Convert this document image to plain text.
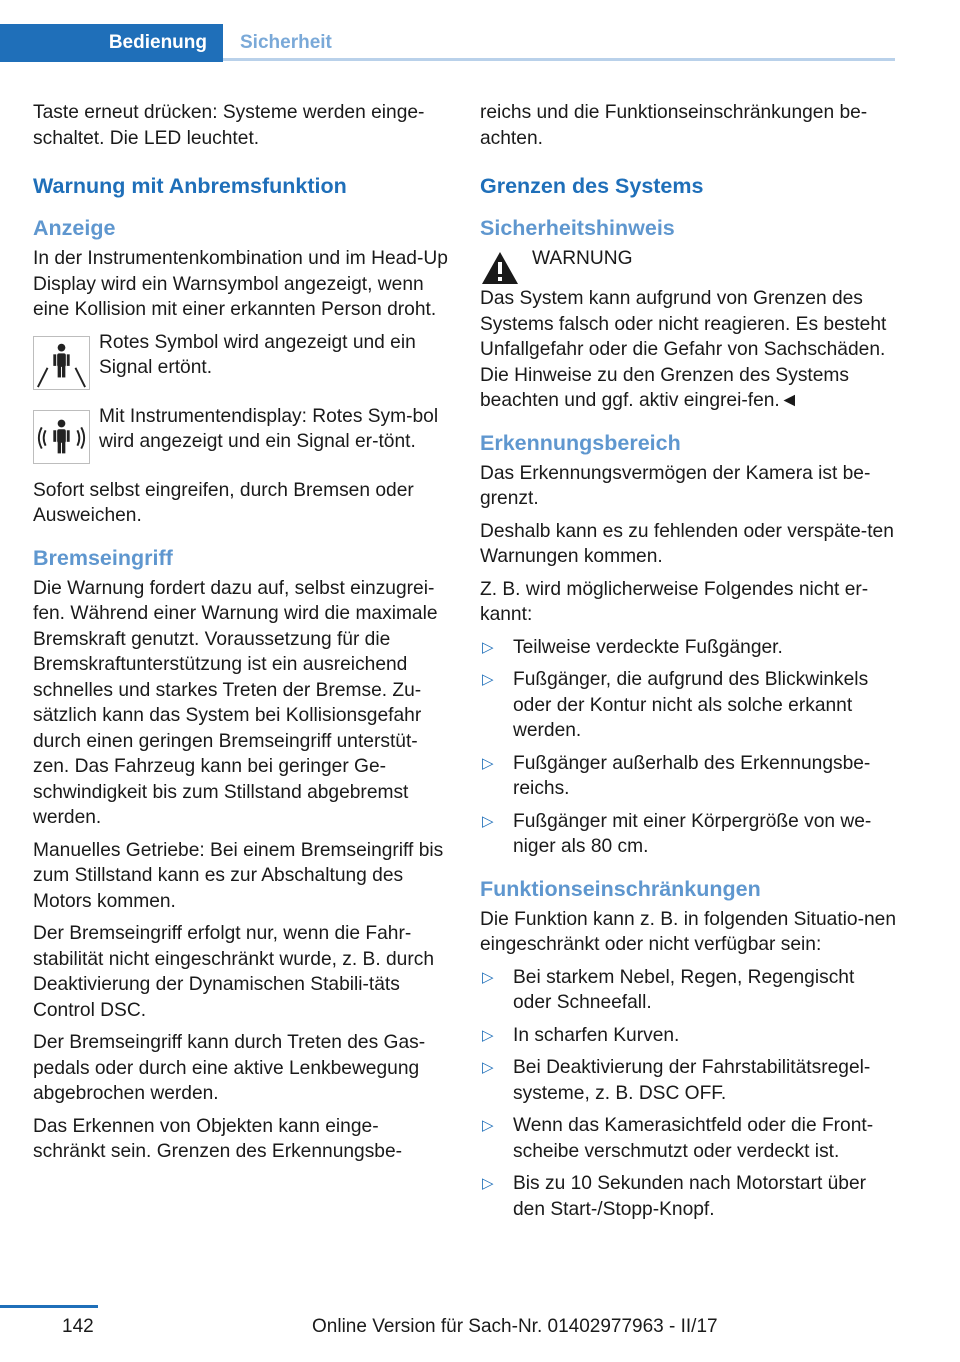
Bedienung	Sicherheit

Taste erneut drücken: Systeme werden einge‐schaltet. Die LED leuchtet.

Warnung mit Anbremsfunktion
Anzeige

In der Instrumentenkombination und im Head-Up Display wird ein Warnsymbol angezeigt, wenn eine Kollision mit einer erkannten Person droht.

Rotes Symbol wird angezeigt und ein Signal ertönt.
Mit Instrumentendisplay: Rotes Sym‐bol wird angezeigt und ein Signal er‐tönt.

Sofort selbst eingreifen, durch Bremsen oder Ausweichen.

Bremseingriff

Die Warnung fordert dazu auf, selbst einzugrei‐fen. Während einer Warnung wird die maximale Bremskraft genutzt. Voraussetzung für die Bremskraftunterstützung ist ein ausreichend schnelles und starkes Treten der Bremse. Zu‐sätzlich kann das System bei Kollisionsgefahr durch einen geringen Bremseingriff unterstüt‐zen. Das Fahrzeug kann bei geringer Ge‐schwindigkeit bis zum Stillstand abgebremst werden.

Manuelles Getriebe: Bei einem Bremseingriff bis zum Stillstand kann es zur Abschaltung des Motors kommen.

Der Bremseingriff erfolgt nur, wenn die Fahr‐stabilität nicht eingeschränkt wurde, z. B. durch Deaktivierung der Dynamischen Stabili‐täts Control DSC.

Der Bremseingriff kann durch Treten des Gas‐pedals oder durch eine aktive Lenkbewegung abgebrochen werden.

Das Erkennen von Objekten kann einge‐schränkt sein. Grenzen des Erkennungsbe‐

reichs und die Funktionseinschränkungen be‐achten.

Grenzen des Systems
Sicherheitshinweis
WARNUNG

Das System kann aufgrund von Grenzen des Systems falsch oder nicht reagieren. Es besteht Unfallgefahr oder die Gefahr von Sachschäden. Die Hinweise zu den Grenzen des Systems beachten und ggf. aktiv eingrei‐fen.◄

Erkennungsbereich

Das Erkennungsvermögen der Kamera ist be‐grenzt.

Deshalb kann es zu fehlenden oder verspäte‐ten Warnungen kommen.

Z. B. wird möglicherweise Folgendes nicht er‐kannt:

▷ Teilweise verdeckte Fußgänger.
▷ Fußgänger, die aufgrund des Blickwinkels oder der Kontur nicht als solche erkannt werden.
▷ Fußgänger außerhalb des Erkennungsbe‐reichs.
▷ Fußgänger mit einer Körpergröße von we‐niger als 80 cm.
Funktionseinschränkungen

Die Funktion kann z. B. in folgenden Situatio‐nen eingeschränkt oder nicht verfügbar sein:

▷ Bei starkem Nebel, Regen, Regengischt oder Schneefall.
▷ In scharfen Kurven.
▷ Bei Deaktivierung der Fahrstabilitätsregel‐systeme, z. B. DSC OFF.
▷ Wenn das Kamerasichtfeld oder die Front‐scheibe verschmutzt oder verdeckt ist.
▷ Bis zu 10 Sekunden nach Motorstart über den Start-/Stopp-Knopf.
142	Online Version für Sach-Nr. 01402977963 - II/17
